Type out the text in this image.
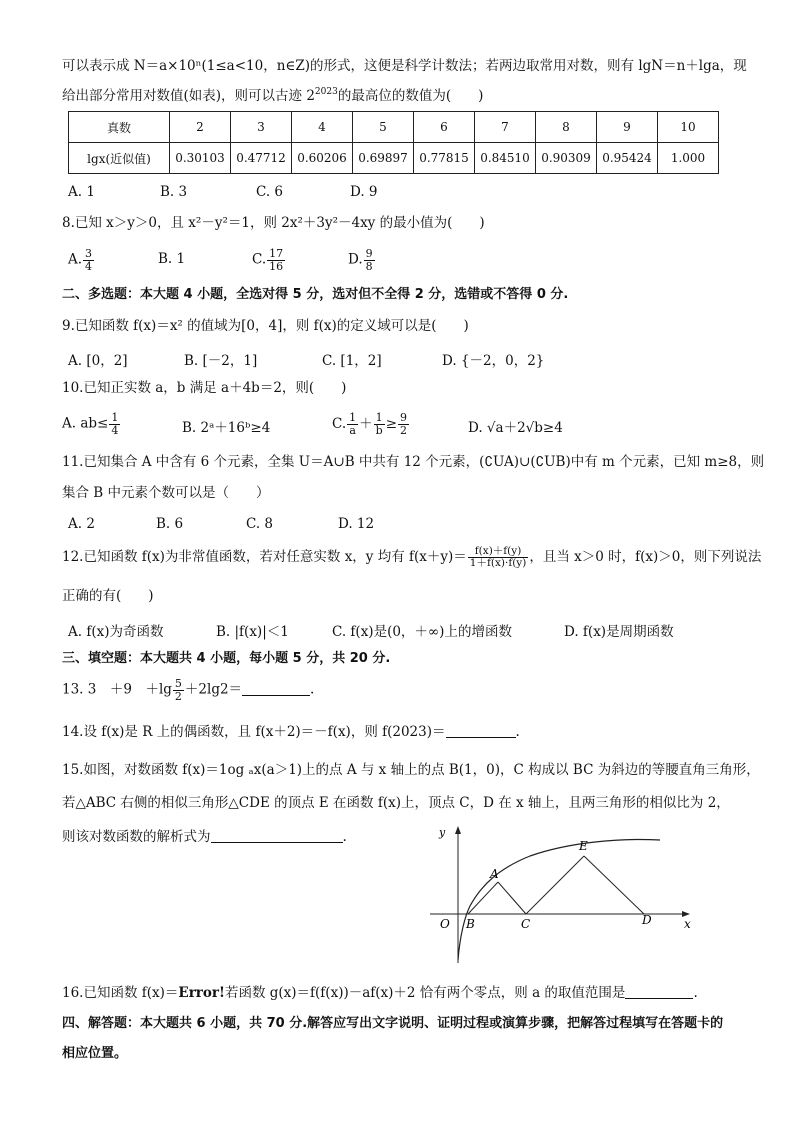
可以表示成 N＝a×10ⁿ(1≤a<10，n∈Z)的形式，这便是科学计数法；若两边取常用对数，则有 lgN＝n＋lga，现
给出部分常用对数值(如表)，则可以古迹 $2^{2023}$的最高位的数值为(　　)
真数	2	3	4	5	6	7	8	9	10
lgx(近似值)	0.30103	0.47712	0.60206	0.69897	0.77815	0.84510	0.90309	0.95424	1.000
A. 1	B. 3	C. 6	D. 9
8.已知 x＞y＞0，且 x²－y²＝1，则 2x²＋3y²－4xy 的最小值为(　　)
A. $\frac{3}{4}$	B. 1	C. $\frac{17}{16}$	D. $\frac{9}{8}$
二、多选题：本大题 4 小题，全选对得 5 分，选对但不全得 2 分，选错或不答得 0 分.
9.已知函数 f(x)＝x² 的值域为[0，4]，则 f(x)的定义域可以是(　　)
A. [0，2]	B. [－2，1]	C. [1，2]	D. {－2，0，2}
10.已知正实数 a，b 满足 a＋4b＝2，则(　　)
A. $ab\le \frac{1}{4}$	B. 2ᵃ＋16ᵇ≥4	C. $\frac{1}{a} + \frac{1}{b} \ge \frac{9}{2}$	D. √a＋2√b≥4
11.已知集合 A 中含有 6 个元素，全集 U＝A∪B 中共有 12 个元素，(∁UA)∪(∁UB)中有 m 个元素，已知 m≥8，则
集合 B 中元素个数可以是（　　）
A. 2	B. 6	C. 8	D. 12
12.已知函数 f(x)为非常值函数，若对任意实数 x，y 均有 $f(x+y)= \frac{f(x)+f(y)}{1+f(x)\cdot f(y)}$ ，且当 x＞0 时，f(x)＞0，则下列说法
正确的有(　　)
A. f(x)为奇函数	B. |f(x)|＜1	C. f(x)是(0，＋∞)上的增函数	D. f(x)是周期函数
三、填空题：本大题共 4 小题，每小题 5 分，共 20 分.
13. 3　＋9　$+\lg \frac{5}{2} +2\lg 2=$	.
14.设 f(x)是 R 上的偶函数，且 f(x＋2)＝－f(x)，则 f(2023)＝	.
15.如图，对数函数 f(x)＝1og ₐx(a＞1)上的点 A 与 x 轴上的点 B(1，0)，C 构成以 BC 为斜边的等腰直角三角形，
若△ABC 右侧的相似三角形△CDE 的顶点 E 在函数 f(x)上，顶点 C，D 在 x 轴上，且两三角形的相似比为 2，
则该对数函数的解析式为	.	y
x
O
A
B	C	D
E
16.已知函数 f(x)＝Error!若函数 g(x)＝f(f(x))－af(x)＋2 恰有两个零点，则 a 的取值范围是	.
四、解答题：本大题共 6 小题，共 70 分.解答应写出文字说明、证明过程或演算步骤，把解答过程填写在答题卡的
相应位置。
